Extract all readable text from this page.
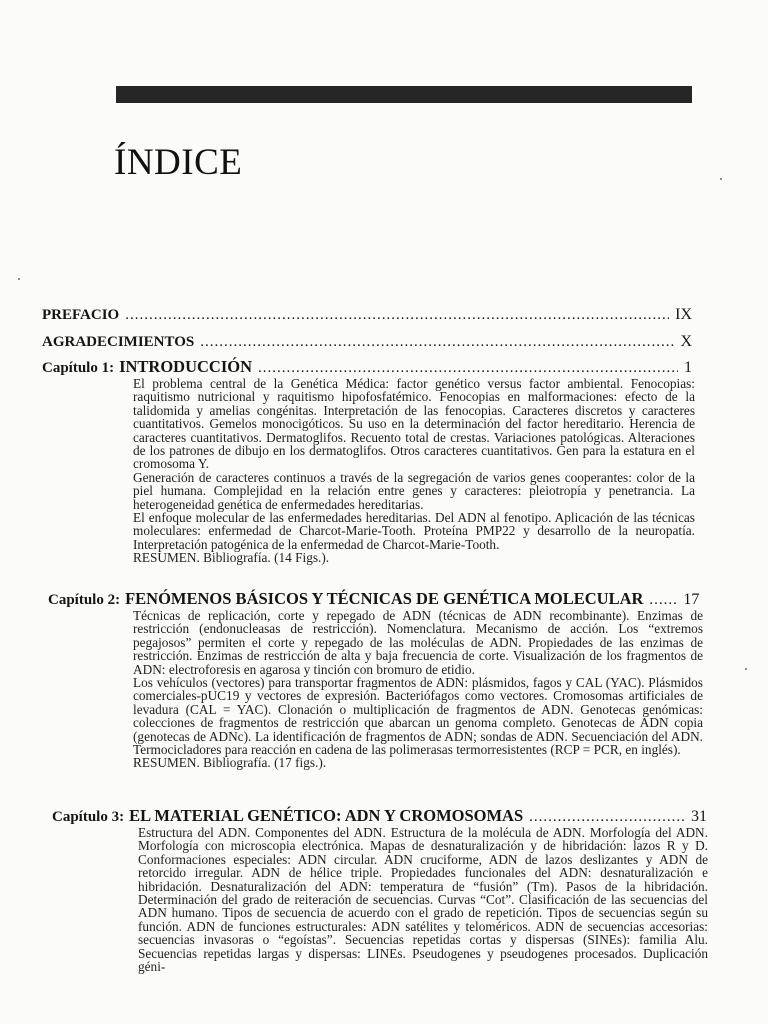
ÍNDICE
PREFACIO .....	IX
AGRADECIMIENTOS .....	X
Capítulo 1: INTRODUCCIÓN .....	1

El problema central de la Genética Médica: factor genético versus factor ambiental. Fenocopias: raquitismo nutricional y raquitismo hipofosfatémico. Fenocopias en malformaciones: efecto de la talidomida y amelias congénitas. Interpretación de las fenocopias. Caracteres discretos y caracteres cuantitativos. Gemelos monocigóticos. Su uso en la determinación del factor hereditario. Herencia de caracteres cuantitativos. Dermatoglifos. Recuento total de crestas. Variaciones patológicas. Alteraciones de los patrones de dibujo en los dermatoglifos. Otros caracteres cuantitativos. Gen para la estatura en el cromosoma Y.

Generación de caracteres continuos a través de la segregación de varios genes cooperantes: color de la piel humana. Complejidad en la relación entre genes y caracteres: pleiotropía y penetrancia. La heterogeneidad genética de enfermedades hereditarias.

El enfoque molecular de las enfermedades hereditarias. Del ADN al fenotipo. Aplicación de las técnicas moleculares: enfermedad de Charcot-Marie-Tooth. Proteína PMP22 y desarrollo de la neuropatía. Interpretación patogénica de la enfermedad de Charcot-Marie-Tooth.

RESUMEN. Bibliografía. (14 Figs.).

Capítulo 2: FENÓMENOS BÁSICOS Y TÉCNICAS DE GENÉTICA MOLECULAR .....	17

Técnicas de replicación, corte y repegado de ADN (técnicas de ADN recombinante). Enzimas de restricción (endonucleasas de restricción). Nomenclatura. Mecanismo de acción. Los “extremos pegajosos” permiten el corte y repegado de las moléculas de ADN. Propiedades de las enzimas de restricción. Enzimas de restricción de alta y baja frecuencia de corte. Visualización de los fragmentos de ADN: electroforesis en agarosa y tinción con bromuro de etidio.

Los vehículos (vectores) para transportar fragmentos de ADN: plásmidos, fagos y CAL (YAC). Plásmidos comerciales-pUC19 y vectores de expresión. Bacteriófagos como vectores. Cromosomas artificiales de levadura (CAL = YAC). Clonación o multiplicación de fragmentos de ADN. Genotecas genómicas: colecciones de fragmentos de restricción que abarcan un genoma completo. Genotecas de ADN copia (genotecas de ADNc). La identificación de fragmentos de ADN; sondas de ADN. Secuenciación del ADN. Termocicladores para reacción en cadena de las polimerasas termorresistentes (RCP = PCR, en inglés).

RESUMEN. Bibliografía. (17 figs.).

Capítulo 3: EL MATERIAL GENÉTICO: ADN Y CROMOSOMAS .....	31

Estructura del ADN. Componentes del ADN. Estructura de la molécula de ADN. Morfología del ADN. Morfología con microscopia electrónica. Mapas de desnaturalización y de hibridación: lazos R y D. Conformaciones especiales: ADN circular. ADN cruciforme, ADN de lazos deslizantes y ADN de retorcido irregular. ADN de hélice triple. Propiedades funcionales del ADN: desnaturalización e hibridación. Desnaturalización del ADN: temperatura de “fusión” (Tm). Pasos de la hibridación. Determinación del grado de reiteración de secuencias. Curvas “Cot”. Clasificación de las secuencias del ADN humano. Tipos de secuencia de acuerdo con el grado de repetición. Tipos de secuencias según su función. ADN de funciones estructurales: ADN satélites y teloméricos. ADN de secuencias accesorias: secuencias invasoras o “egoístas”. Secuencias repetidas cortas y dispersas (SINEs): familia Alu. Secuencias repetidas largas y dispersas: LINEs. Pseudogenes y pseudogenes procesados. Duplicación géni-
